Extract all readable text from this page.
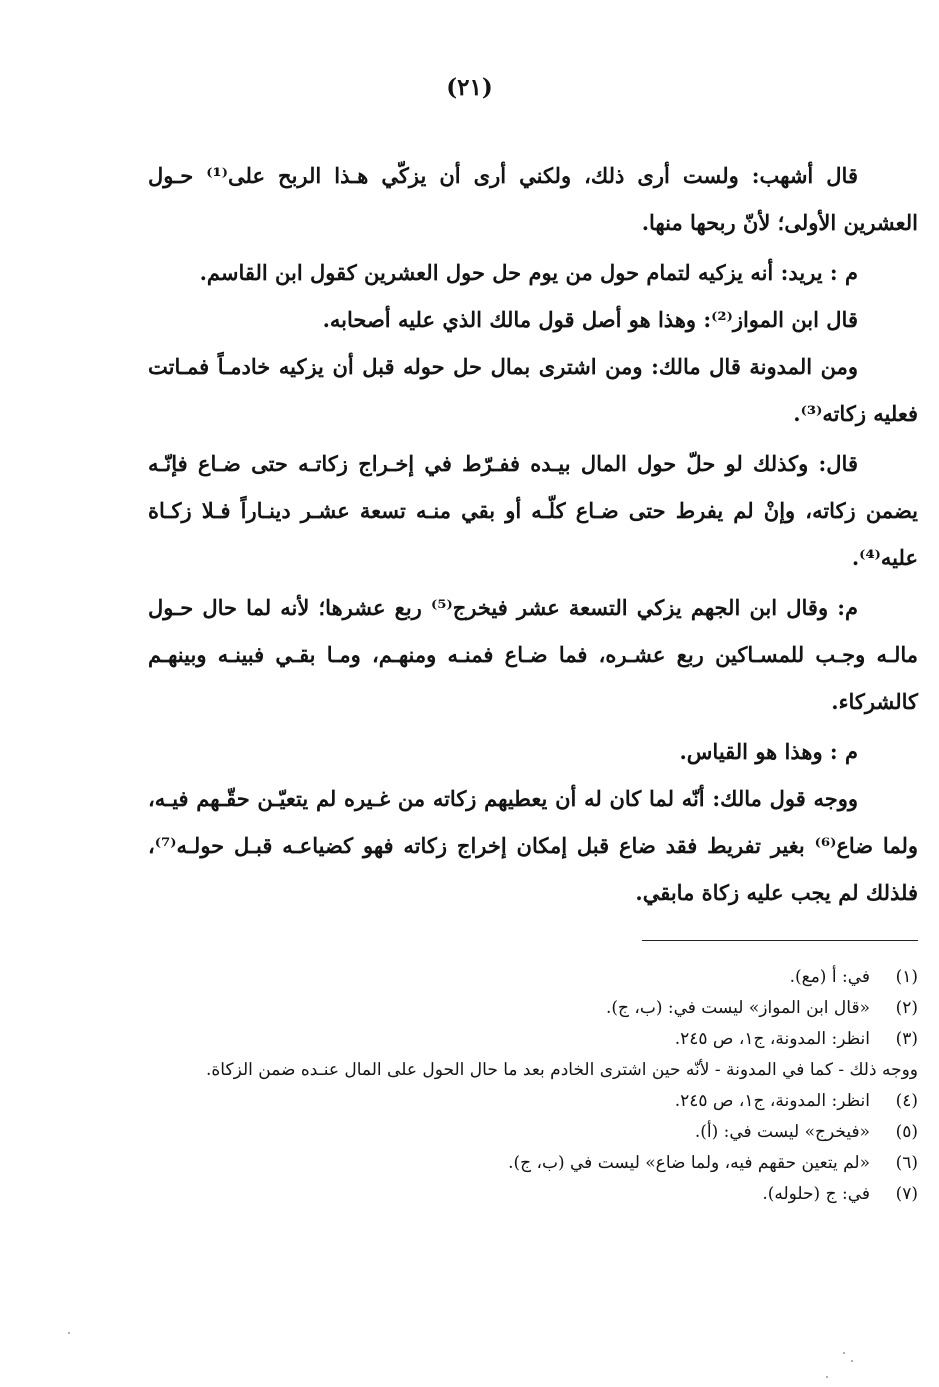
(٢١)

قال أشهب: ولست أرى ذلك، ولكني أرى أن يزكّي هـذا الربح على⁽¹⁾ حـول العشرين الأولى؛ لأنّ ربحها منها.

م : يريد: أنه يزكيه لتمام حول من يوم حل حول العشرين كقول ابن القاسم.

قال ابن المواز⁽²⁾: وهذا هو أصل قول مالك الذي عليه أصحابه.

ومن المدونة قال مالك: ومن اشترى بمال حل حوله قبل أن يزكيه خادمـاً فمـاتت فعليه زكاته⁽³⁾.

قال: وكذلك لو حلّ حول المال بيـده ففـرّط في إخـراج زكاتـه حتى ضـاع فإنّـه يضمن زكاته، وإنْ لم يفرط حتى ضـاع كلّـه أو بقي منـه تسعة عشـر دينـاراً فـلا زكـاة عليه⁽⁴⁾.

م: وقال ابن الجهم يزكي التسعة عشر فيخرج⁽⁵⁾ ربع عشرها؛ لأنه لما حال حـول مالـه وجـب للمسـاكين ربع عشـره، فما ضـاع فمنـه ومنهـم، ومـا بقـي فبينـه وبينهـم كالشركاء.

م : وهذا هو القياس.

ووجه قول مالك: أنّه لما كان له أن يعطيهم زكاته من غـيره لم يتعيّـن حقّـهم فيـه، ولما ضاع⁽⁶⁾ بغير تفريط فقد ضاع قبل إمكان إخراج زكاته فهو كضياعـه قبـل حولـه⁽⁷⁾، فلذلك لم يجب عليه زكاة مابقي.

(١)
في: أ (مع).
(٢)
«قال ابن المواز» ليست في: (ب، ج).
(٣)
انظر: المدونة، ج١، ص ٢٤٥.
ووجه ذلك - كما في المدونة - لأنّه حين اشترى الخادم بعد ما حال الحول على المال عنـده ضمن الزكاة.
(٤)
انظر: المدونة، ج١، ص ٢٤٥.
(٥)
«فيخرج» ليست في: (أ).
(٦)
«لم يتعين حقهم فيه، ولما ضاع» ليست في (ب، ج).
(٧)
في: ج (حلوله).
